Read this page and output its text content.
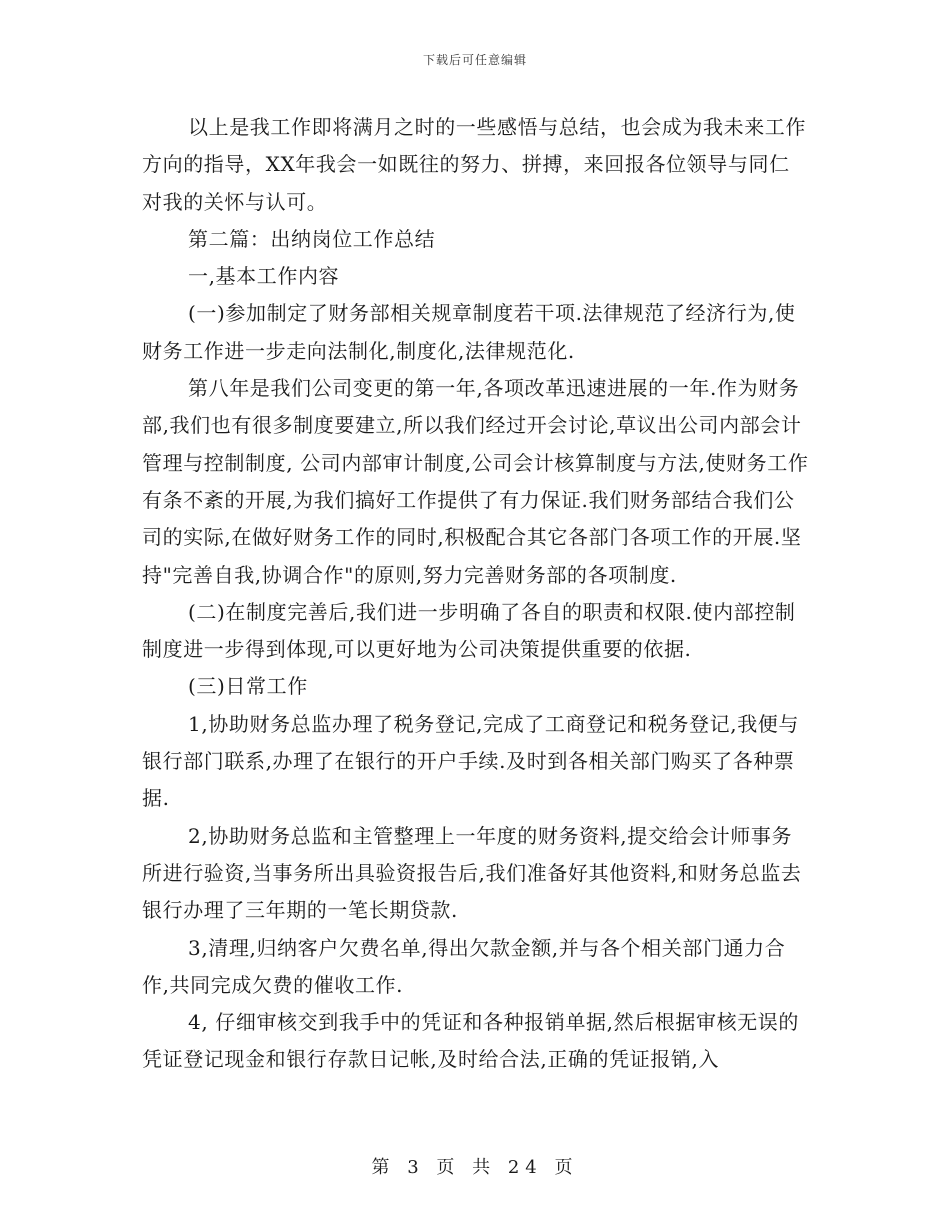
下载后可任意编辑

以上是我工作即将满月之时的一些感悟与总结，也会成为我未来工作方向的指导，XX年我会一如既往的努力、拼搏，来回报各位领导与同仁对我的关怀与认可。

第二篇：出纳岗位工作总结

一,基本工作内容

(一)参加制定了财务部相关规章制度若干项.法律规范了经济行为,使财务工作进一步走向法制化,制度化,法律规范化.

第八年是我们公司变更的第一年,各项改革迅速进展的一年.作为财务部,我们也有很多制度要建立,所以我们经过开会讨论,草议出公司内部会计管理与控制制度, 公司内部审计制度,公司会计核算制度与方法,使财务工作有条不紊的开展,为我们搞好工作提供了有力保证.我们财务部结合我们公司的实际,在做好财务工作的同时,积极配合其它各部门各项工作的开展.坚持"完善自我,协调合作"的原则,努力完善财务部的各项制度.

(二)在制度完善后,我们进一步明确了各自的职责和权限.使内部控制制度进一步得到体现,可以更好地为公司决策提供重要的依据.

(三)日常工作

1,协助财务总监办理了税务登记,完成了工商登记和税务登记,我便与银行部门联系,办理了在银行的开户手续.及时到各相关部门购买了各种票据.

2,协助财务总监和主管整理上一年度的财务资料,提交给会计师事务所进行验资,当事务所出具验资报告后,我们准备好其他资料,和财务总监去银行办理了三年期的一笔长期贷款.

3,清理,归纳客户欠费名单,得出欠款金额,并与各个相关部门通力合作,共同完成欠费的催收工作.

4, 仔细审核交到我手中的凭证和各种报销单据,然后根据审核无误的凭证登记现金和银行存款日记帐,及时给合法,正确的凭证报销,入

第 3 页 共 24 页
